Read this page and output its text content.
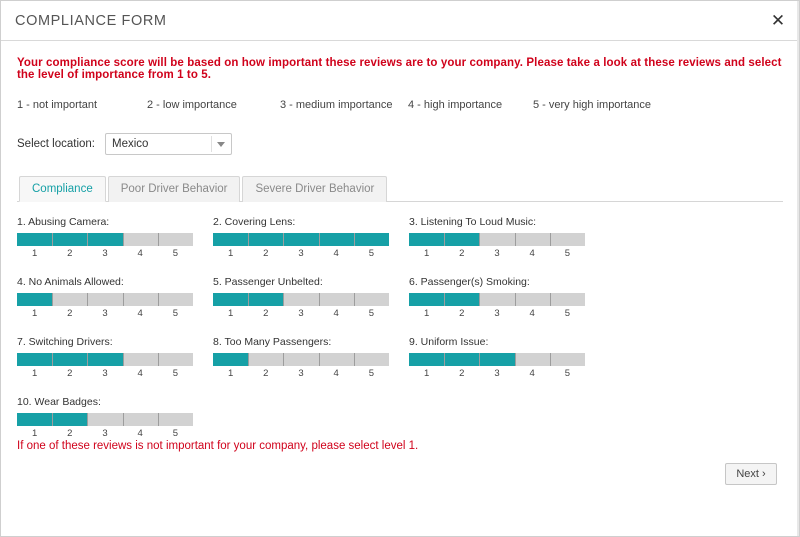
COMPLIANCE FORM	✕

Your compliance score will be based on how important these reviews are to your company. Please take a look at these reviews and select the level of importance from 1 to 5.

1 - not important	2 - low importance	3 - medium importance	4 - high importance	5 - very high importance
Select location: Mexico
Compliance	Poor Driver Behavior	Severe Driver Behavior
1. Abusing Camera:
1	2	3	4	5
2. Covering Lens:
1	2	3	4	5
3. Listening To Loud Music:
1	2	3	4	5
4. No Animals Allowed:
1	2	3	4	5
5. Passenger Unbelted:
1	2	3	4	5
6. Passenger(s) Smoking:
1	2	3	4	5
7. Switching Drivers:
1	2	3	4	5
8. Too Many Passengers:
1	2	3	4	5
9. Uniform Issue:
1	2	3	4	5
10. Wear Badges:
1	2	3	4	5
If one of these reviews is not important for your company, please select level 1.
Next ›
